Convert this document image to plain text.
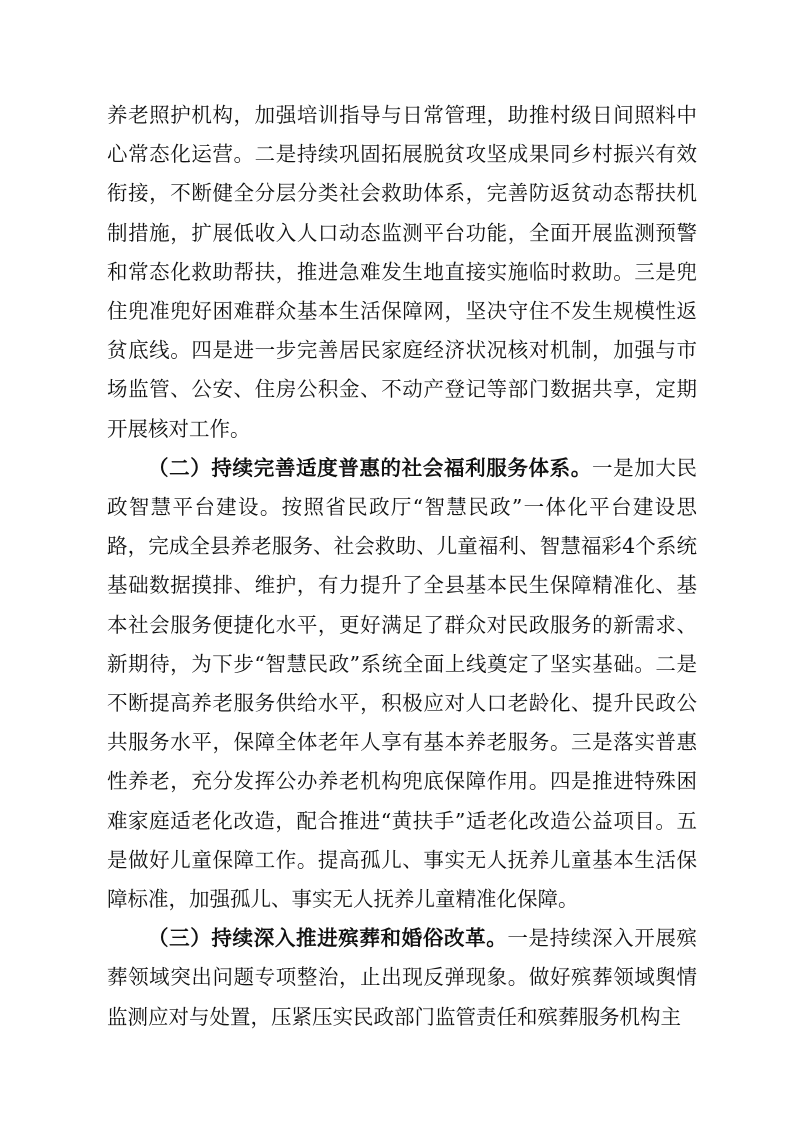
养老照护机构，加强培训指导与日常管理，助推村级日间照料中心常态化运营。二是持续巩固拓展脱贫攻坚成果同乡村振兴有效衔接，不断健全分层分类社会救助体系，完善防返贫动态帮扶机制措施，扩展低收入人口动态监测平台功能，全面开展监测预警和常态化救助帮扶，推进急难发生地直接实施临时救助。三是兜住兜准兜好困难群众基本生活保障网，坚决守住不发生规模性返贫底线。四是进一步完善居民家庭经济状况核对机制，加强与市场监管、公安、住房公积金、不动产登记等部门数据共享，定期开展核对工作。

（二）持续完善适度普惠的社会福利服务体系。一是加大民政智慧平台建设。按照省民政厅“智慧民政”一体化平台建设思路，完成全县养老服务、社会救助、儿童福利、智慧福彩4个系统基础数据摸排、维护，有力提升了全县基本民生保障精准化、基本社会服务便捷化水平，更好满足了群众对民政服务的新需求、新期待，为下步“智慧民政”系统全面上线奠定了坚实基础。二是不断提高养老服务供给水平，积极应对人口老龄化、提升民政公共服务水平，保障全体老年人享有基本养老服务。三是落实普惠性养老，充分发挥公办养老机构兜底保障作用。四是推进特殊困难家庭适老化改造，配合推进“黄扶手”适老化改造公益项目。五是做好儿童保障工作。提高孤儿、事实无人抚养儿童基本生活保障标准，加强孤儿、事实无人抚养儿童精准化保障。

（三）持续深入推进殡葬和婚俗改革。一是持续深入开展殡葬领域突出问题专项整治，止出现反弹现象。做好殡葬领域舆情监测应对与处置，压紧压实民政部门监管责任和殡葬服务机构主
